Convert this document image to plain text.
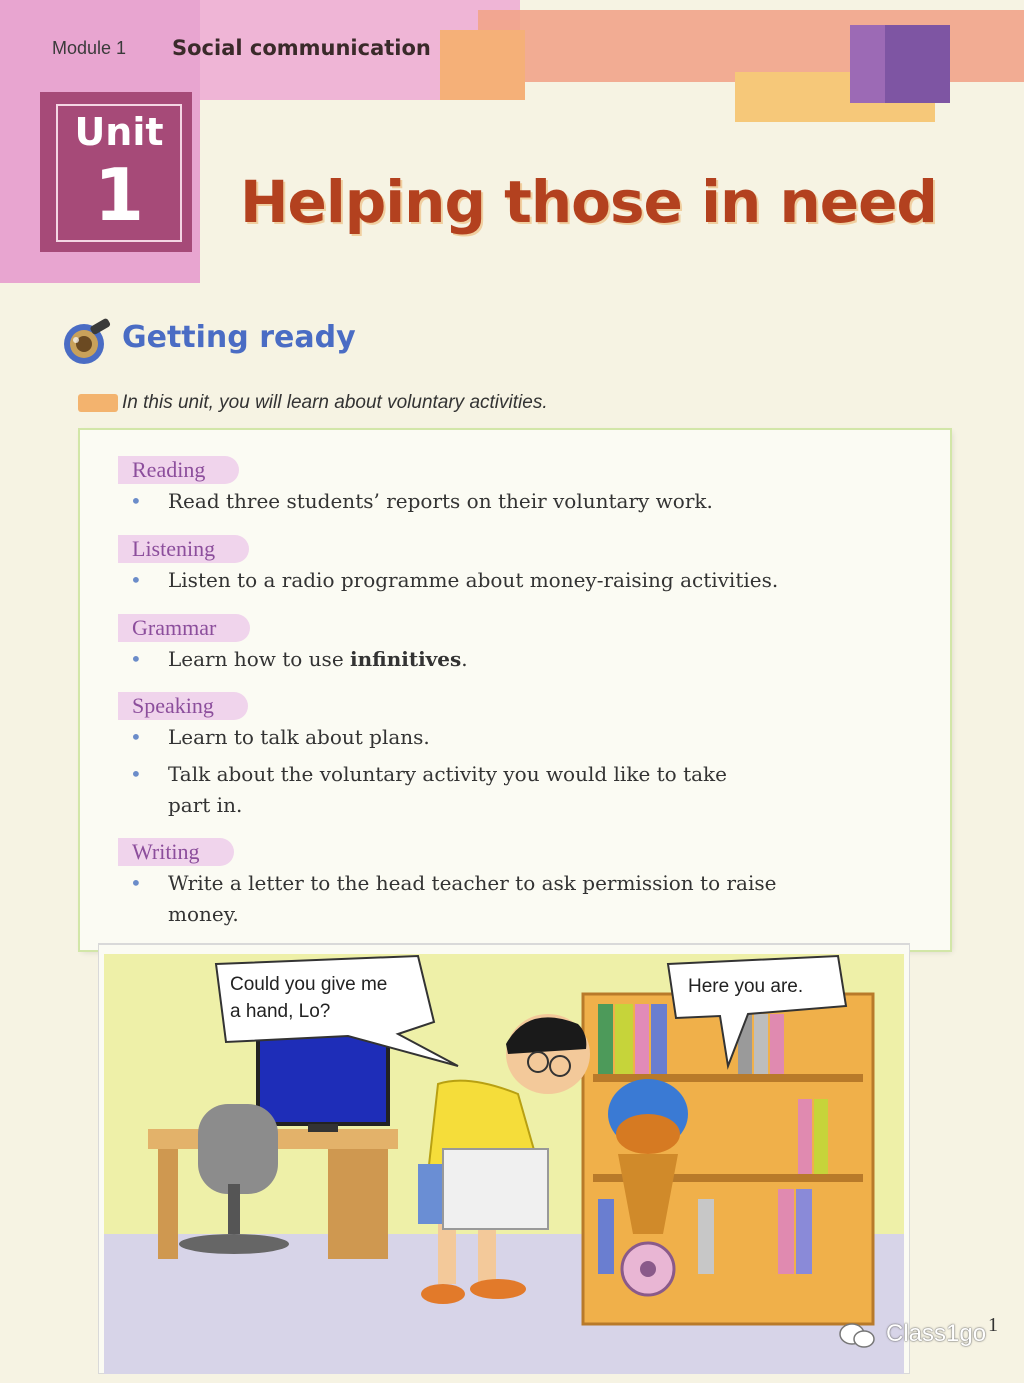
Module 1 Social communication
Unit
1	Helping those in need
Getting ready
In this unit, you will learn about voluntary activities.
Reading
• Read three students’ reports on their voluntary work.
Listening
• Listen to a radio programme about money-raising activities.
Grammar
• Learn how to use infinitives.
Speaking
• Learn to talk about plans.
• Talk about the voluntary activity you would like to take part in.
Writing
• Write a letter to the head teacher to ask permission to raise money.
Could you give me
a hand, Lo?
Here you are.
Class1go 1
